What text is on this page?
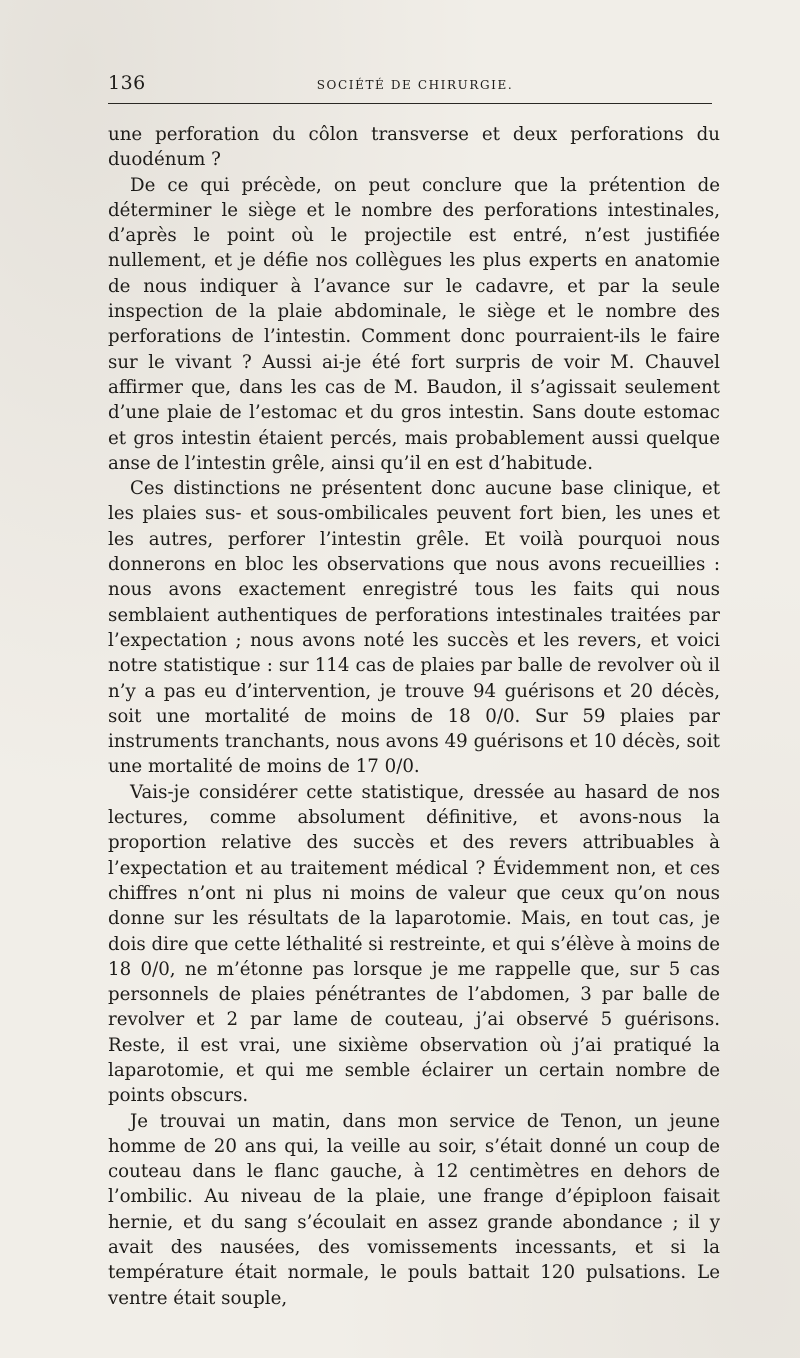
136	SOCIÉTÉ DE CHIRURGIE.

une perforation du côlon transverse et deux perforations du duodénum ?

De ce qui précède, on peut conclure que la prétention de déterminer le siège et le nombre des perforations intestinales, d’après le point où le projectile est entré, n’est justifiée nullement, et je défie nos collègues les plus experts en anatomie de nous indiquer à l’avance sur le cadavre, et par la seule inspection de la plaie abdominale, le siège et le nombre des perforations de l’intestin. Comment donc pourraient-ils le faire sur le vivant ? Aussi ai-je été fort surpris de voir M. Chauvel affirmer que, dans les cas de M. Baudon, il s’agissait seulement d’une plaie de l’estomac et du gros intestin. Sans doute estomac et gros intestin étaient percés, mais probablement aussi quelque anse de l’intestin grêle, ainsi qu’il en est d’habitude.

Ces distinctions ne présentent donc aucune base clinique, et les plaies sus- et sous-ombilicales peuvent fort bien, les unes et les autres, perforer l’intestin grêle. Et voilà pourquoi nous donnerons en bloc les observations que nous avons recueillies : nous avons exactement enregistré tous les faits qui nous semblaient authentiques de perforations intestinales traitées par l’expectation ; nous avons noté les succès et les revers, et voici notre statistique : sur 114 cas de plaies par balle de revolver où il n’y a pas eu d’intervention, je trouve 94 guérisons et 20 décès, soit une mortalité de moins de 18 0/0. Sur 59 plaies par instruments tranchants, nous avons 49 guérisons et 10 décès, soit une mortalité de moins de 17 0/0.

Vais-je considérer cette statistique, dressée au hasard de nos lectures, comme absolument définitive, et avons-nous la proportion relative des succès et des revers attribuables à l’expectation et au traitement médical ? Évidemment non, et ces chiffres n’ont ni plus ni moins de valeur que ceux qu’on nous donne sur les résultats de la laparotomie. Mais, en tout cas, je dois dire que cette léthalité si restreinte, et qui s’élève à moins de 18 0/0, ne m’étonne pas lorsque je me rappelle que, sur 5 cas personnels de plaies pénétrantes de l’abdomen, 3 par balle de revolver et 2 par lame de couteau, j’ai observé 5 guérisons. Reste, il est vrai, une sixième observation où j’ai pratiqué la laparotomie, et qui me semble éclairer un certain nombre de points obscurs.

Je trouvai un matin, dans mon service de Tenon, un jeune homme de 20 ans qui, la veille au soir, s’était donné un coup de couteau dans le flanc gauche, à 12 centimètres en dehors de l’ombilic. Au niveau de la plaie, une frange d’épiploon faisait hernie, et du sang s’écoulait en assez grande abondance ; il y avait des nausées, des vomissements incessants, et si la température était normale, le pouls battait 120 pulsations. Le ventre était souple,
